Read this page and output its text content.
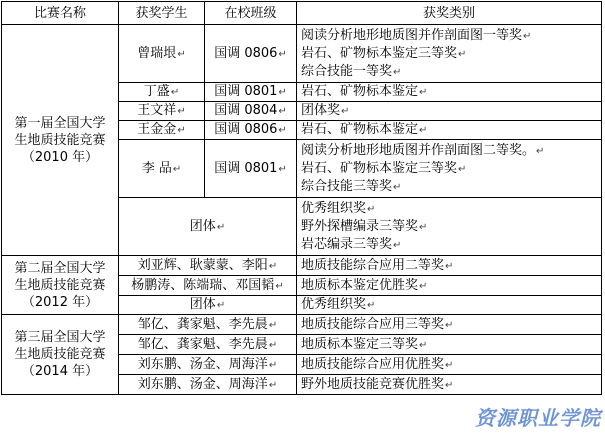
比赛名称	获奖学生	在校班级	获奖类别

第一届全国大学
生地质技能竞赛
（2010 年）	曾瑞垠↵	国调 0806↵	阅读分析地形地质图并作剖面图一等奖↵
岩石、矿物标本鉴定三等奖↵
综合技能一等奖↵

	丁盛↵	国调 0801↵	岩石、矿物标本鉴定↵
	王文祥↵	国调 0804↵	团体奖↵
	王金金↵	国调 0806↵	岩石、矿物标本鉴定↵
	李 品↵	国调 0801↵	阅读分析地形地质图并作剖面图二等奖。↵
岩石、矿物标本鉴定三等奖↵
综合技能三等奖↵

	团体↵		优秀组织奖↵
野外探槽编录三等奖↵
岩芯编录三等奖↵

第二届全国大学
生地质技能竞赛
（2012 年）	刘亚辉、耿蒙蒙、李阳↵		地质技能综合应用二等奖↵
	杨鹏涛、陈端瑞、邓国韬↵		地质标本鉴定优胜奖↵
	团体↵		优秀组织奖↵

第三届全国大学
生地质技能竞赛
（2014 年）	邹亿、龚家魁、李先晨↵		地质技能综合应用三等奖↵
	邹亿、龚家魁、李先晨↵		地质标本鉴定三等奖↵
	刘东鹏、汤金、周海洋↵		地质技能综合应用优胜奖↵
	刘东鹏、汤金、周海洋↵		野外地质技能竞赛优胜奖↵
资源职业学院
